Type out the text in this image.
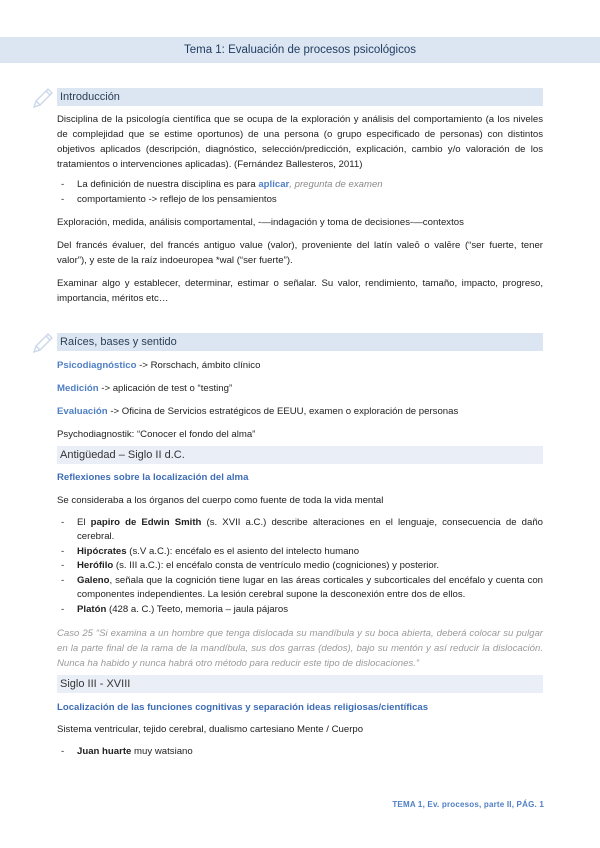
Tema 1: Evaluación de procesos psicológicos
Introducción

Disciplina de la psicología científica que se ocupa de la exploración y análisis del comportamiento (a los niveles de complejidad que se estime oportunos) de una persona (o grupo especificado de personas) con distintos objetivos aplicados (descripción, diagnóstico, selección/predicción, explicación, cambio y/o valoración de los tratamientos o intervenciones aplicadas). (Fernández Ballesteros, 2011)

- La definición de nuestra disciplina es para aplicar, pregunta de examen
- comportamiento -> reflejo de los pensamientos

Exploración, medida, análisis comportamental, -—indagación y toma de decisiones-—contextos

Del francés évaluer, del francés antiguo value (valor), proveniente del latín valeō o valēre (“ser fuerte, tener valor”), y este de la raíz indoeuropea *wal (“ser fuerte”).

Examinar algo y establecer, determinar, estimar o señalar. Su valor, rendimiento, tamaño, impacto, progreso, importancia, méritos etc…

Raíces, bases y sentido

Psicodiagnóstico -> Rorschach, ámbito clínico

Medición -> aplicación de test o “testing”

Evaluación -> Oficina de Servicios estratégicos de EEUU, examen o exploración de personas

Psychodiagnostik: “Conocer el fondo del alma”

Antigüedad – Siglo II d.C.

Reflexiones sobre la localización del alma

Se consideraba a los órganos del cuerpo como fuente de toda la vida mental

- El papiro de Edwin Smith (s. XVII a.C.) describe alteraciones en el lenguaje, consecuencia de daño cerebral.
- Hipócrates (s.V a.C.): encéfalo es el asiento del intelecto humano
- Herófilo (s. III a.C.): el encéfalo consta de ventrículo medio (cogniciones) y posterior.
- Galeno, señala que la cognición tiene lugar en las áreas corticales y subcorticales del encéfalo y cuenta con componentes independientes. La lesión cerebral supone la desconexión entre dos de ellos.
- Platón (428 a. C.) Teeto, memoria – jaula pájaros

Caso 25 “Si examina a un hombre que tenga dislocada su mandíbula y su boca abierta, deberá colocar su pulgar en la parte final de la rama de la mandíbula, sus dos garras (dedos), bajo su mentón y así reducir la dislocación. Nunca ha habido y nunca habrá otro método para reducir este tipo de dislocaciones.”

Siglo III - XVIII

Localización de las funciones cognitivas y separación ideas religiosas/científicas

Sistema ventricular, tejido cerebral, dualismo cartesiano Mente / Cuerpo

- Juan huarte muy watsiano
TEMA 1, Ev. procesos, parte II, PÁG. 1
